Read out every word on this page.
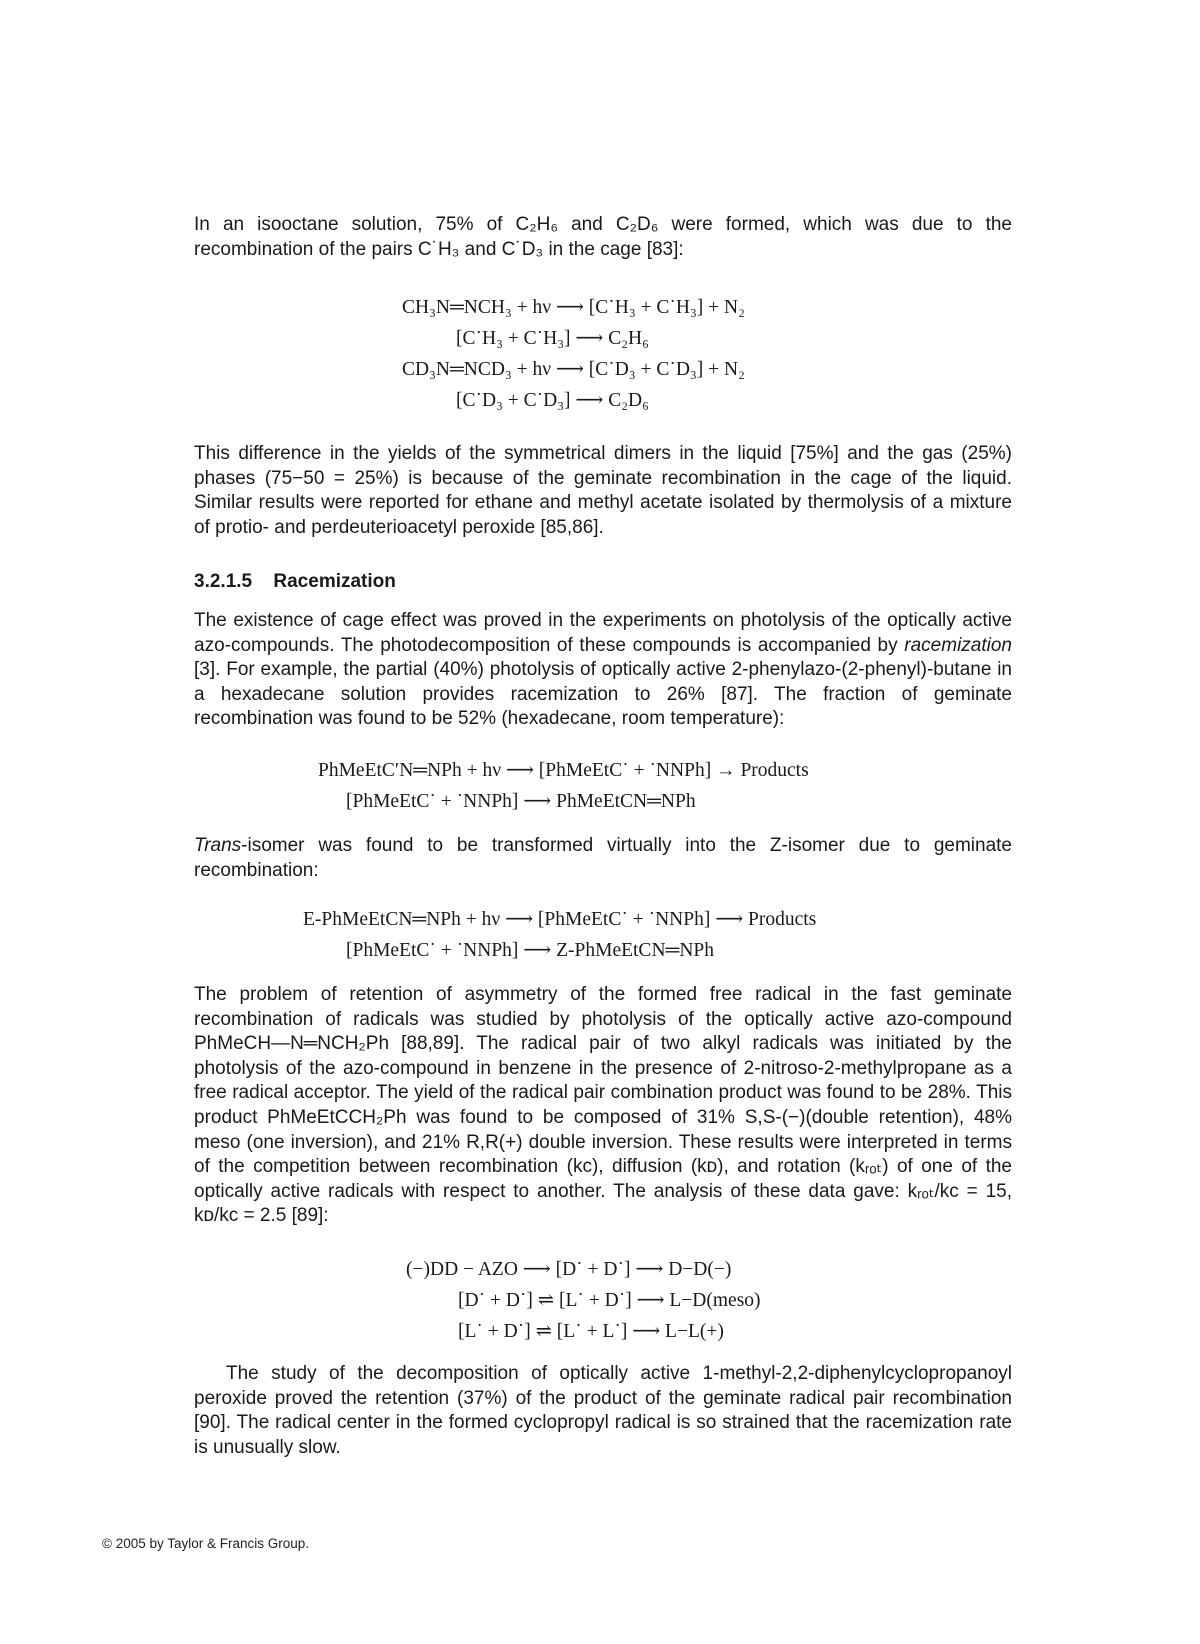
In an isooctane solution, 75% of C₂H₆ and C₂D₆ were formed, which was due to the recombination of the pairs C˙H₃ and C˙D₃ in the cage [83]:

CH₃N═NCH₃ + hν ⟶ [C˙H₃ + C˙H₃] + N₂
[C˙H₃ + C˙H₃] ⟶ C₂H₆
CD₃N═NCD₃ + hν ⟶ [C˙D₃ + C˙D₃] + N₂
[C˙D₃ + C˙D₃] ⟶ C₂D₆

This difference in the yields of the symmetrical dimers in the liquid [75%] and the gas (25%) phases (75−50 = 25%) is because of the geminate recombination in the cage of the liquid. Similar results were reported for ethane and methyl acetate isolated by thermolysis of a mixture of protio- and perdeuterioacetyl peroxide [85,86].

3.2.1.5 Racemization

The existence of cage effect was proved in the experiments on photolysis of the optically active azo-compounds. The photodecomposition of these compounds is accompanied by racemization [3]. For example, the partial (40%) photolysis of optically active 2-phenylazo-(2-phenyl)-butane in a hexadecane solution provides racemization to 26% [87]. The fraction of geminate recombination was found to be 52% (hexadecane, room temperature):

PhMeEtC′N═NPh + hν ⟶ [PhMeEtC˙ + ˙NNPh] → Products
[PhMeEtC˙ + ˙NNPh] ⟶ PhMeEtCN═NPh

Trans-isomer was found to be transformed virtually into the Z-isomer due to geminate recombination:

E-PhMeEtCN═NPh + hν ⟶ [PhMeEtC˙ + ˙NNPh] ⟶ Products
[PhMeEtC˙ + ˙NNPh] ⟶ Z-PhMeEtCN═NPh

The problem of retention of asymmetry of the formed free radical in the fast geminate recombination of radicals was studied by photolysis of the optically active azo-compound PhMeCH—N═NCH₂Ph [88,89]. The radical pair of two alkyl radicals was initiated by the photolysis of the azo-compound in benzene in the presence of 2-nitroso-2-methylpropane as a free radical acceptor. The yield of the radical pair combination product was found to be 28%. This product PhMeEtCCH₂Ph was found to be composed of 31% S,S-(−)(double retention), 48% meso (one inversion), and 21% R,R(+) double inversion. These results were interpreted in terms of the competition between recombination (kᴄ), diffusion (kᴅ), and rotation (kᵣₒₜ) of one of the optically active radicals with respect to another. The analysis of these data gave: kᵣₒₜ/kᴄ = 15, kᴅ/kᴄ = 2.5 [89]:

(−)DD − AZO ⟶ [D˙ + D˙] ⟶ D−D(−)
[D˙ + D˙] ⇌ [L˙ + D˙] ⟶ L−D(meso)
[L˙ + D˙] ⇌ [L˙ + L˙] ⟶ L−L(+)

The study of the decomposition of optically active 1-methyl-2,2-diphenylcyclopropanoyl peroxide proved the retention (37%) of the product of the geminate radical pair recombination [90]. The radical center in the formed cyclopropyl radical is so strained that the racemization rate is unusually slow.

© 2005 by Taylor & Francis Group.
